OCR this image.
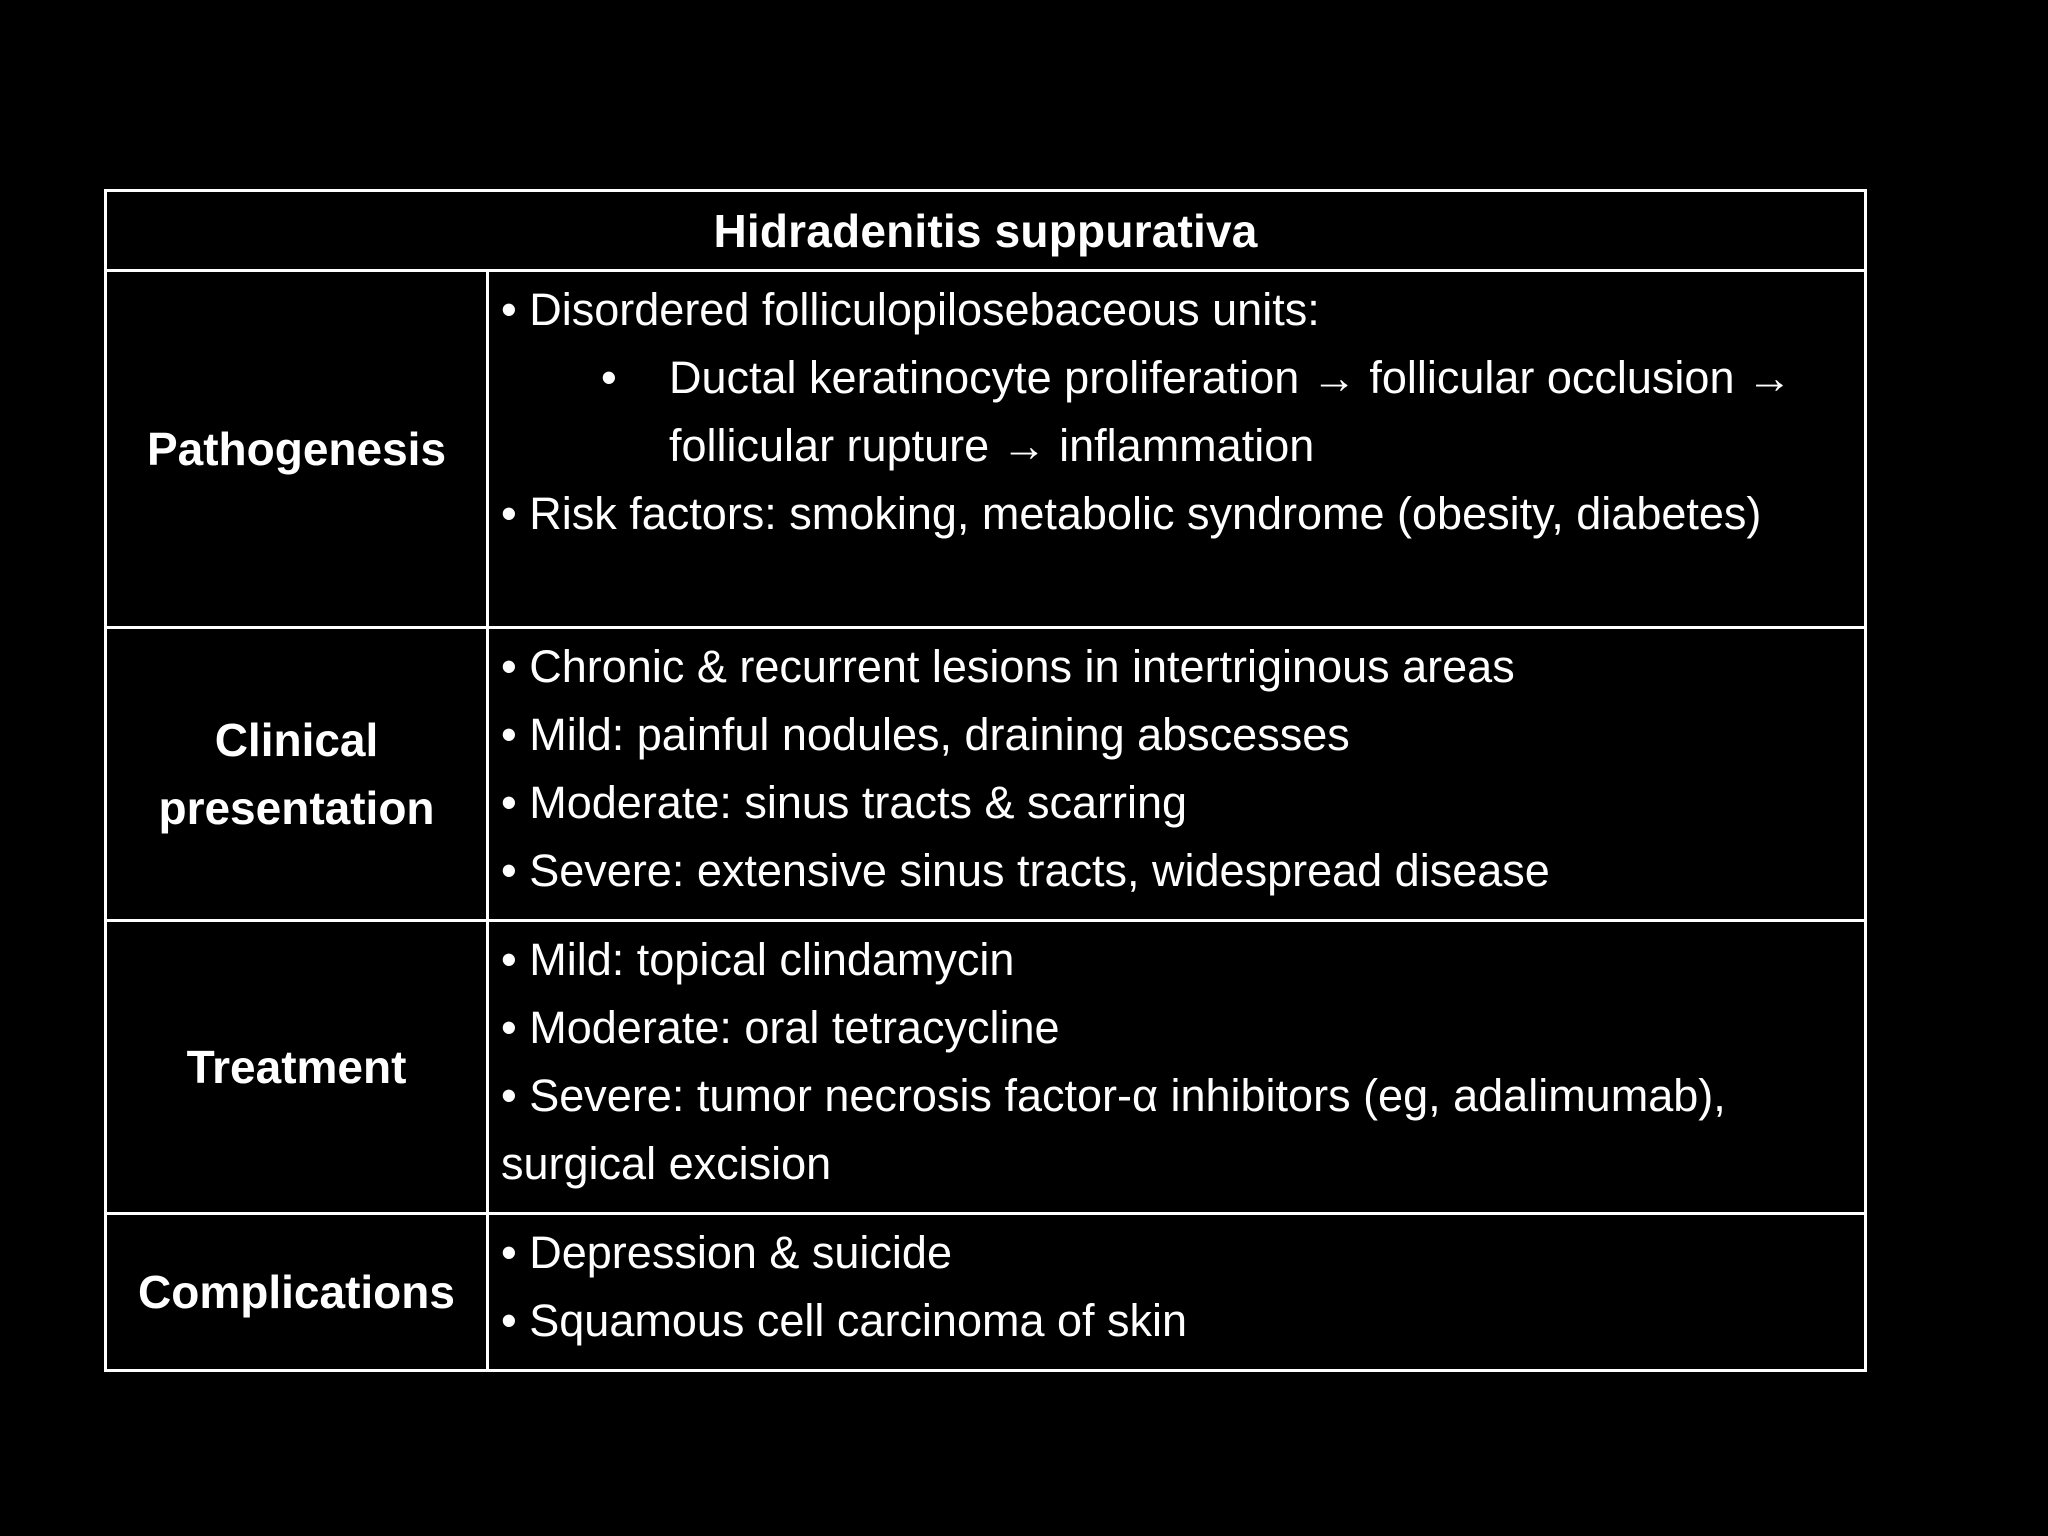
Hidradenitis suppurativa	
Pathogenesis	• Disordered folliculopilosebaceous units:
• Ductal keratinocyte proliferation → follicular occlusion → follicular rupture → inflammation
• Risk factors: smoking, metabolic syndrome (obesity, diabetes)

Clinical presentation	• Chronic & recurrent lesions in intertriginous areas
• Mild: painful nodules, draining abscesses
• Moderate: sinus tracts & scarring
• Severe: extensive sinus tracts, widespread disease

Treatment	• Mild: topical clindamycin
• Moderate: oral tetracycline
• Severe: tumor necrosis factor-α inhibitors (eg, adalimumab), surgical excision

Complications	• Depression & suicide
• Squamous cell carcinoma of skin
